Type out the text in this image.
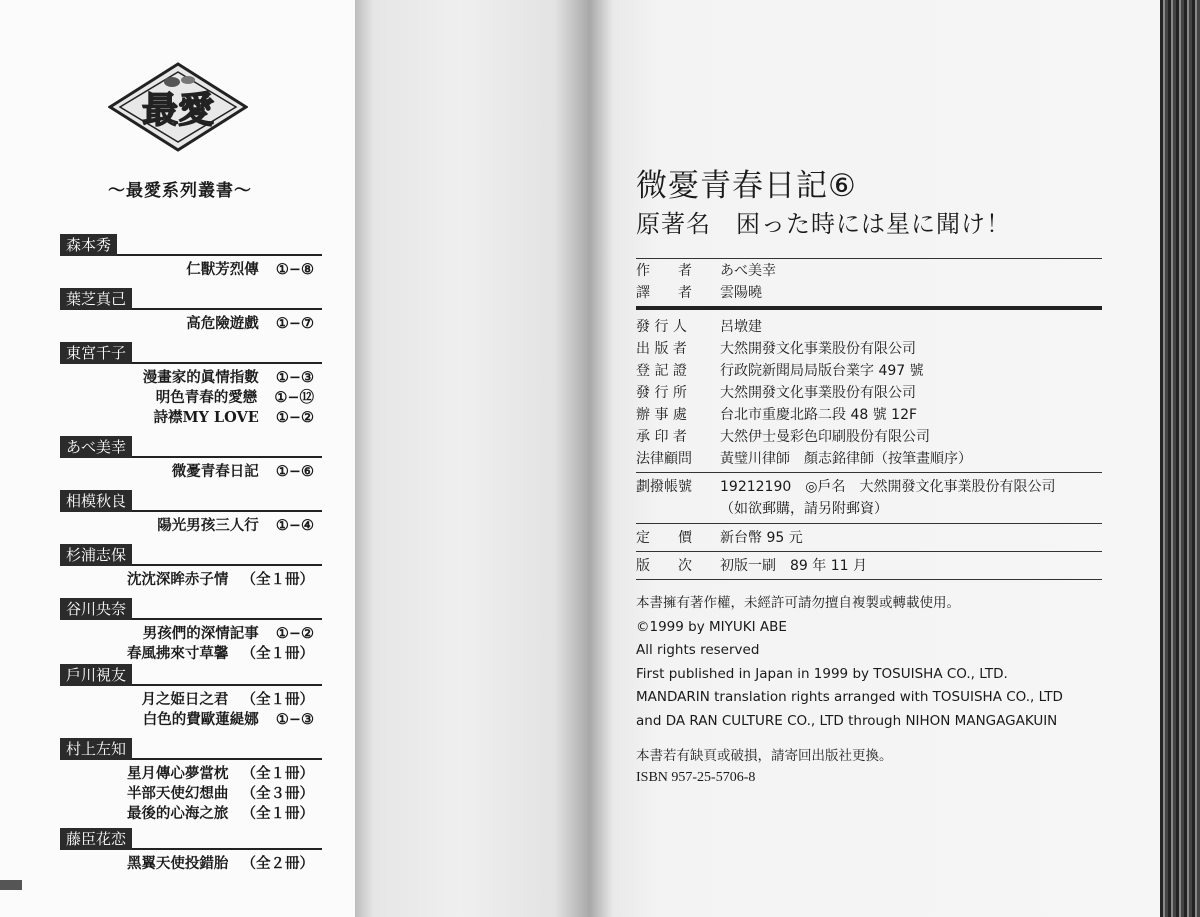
最愛
〜最愛系列叢書〜
森本秀
仁獸芳烈傳 ①−⑧
葉芝真己
高危險遊戲 ①−⑦
東宮千子
漫畫家的眞情指數 ①−③
明色青春的愛戀 ①−⑫
詩襟MY LOVE ①−②
あべ美幸
微憂青春日記 ①−⑥
相模秋良
陽光男孩三人行 ①−④
杉浦志保
沈沈深眸赤子情 （全１冊）
谷川央奈
男孩們的深情記事 ①−②
春風拂來寸草馨 （全１冊）
戶川視友
月之姫日之君 （全１冊）
白色的費歐蓮緹娜 ①−③
村上左知
星月傳心夢當枕 （全１冊）
半部天使幻想曲 （全３冊）
最後的心海之旅 （全１冊）
藤臣花恋
黑翼天使投錯胎 （全２冊）
微憂青春日記⑥
原著名　困った時には星に聞け！
作　　者	あべ美幸
譯　　者	雲陽曉
發 行 人	呂墩建
出 版 者	大然開發文化事業股份有限公司
登 記 證	行政院新聞局局版台業字 497 號
發 行 所	大然開發文化事業股份有限公司
辦 事 處	台北市重慶北路二段 48 號 12F
承 印 者	大然伊士曼彩色印刷股份有限公司
法律顧問	黃璧川律師　顏志銘律師（按筆畫順序）
劃撥帳號	19212190　◎戶名　大然開發文化事業股份有限公司
（如欲郵購，請另附郵資）
定　　價	新台幣 95 元
版　　次	初版一刷　89 年 11 月
本書擁有著作權，未經許可請勿擅自複製或轉載使用。
©1999 by MIYUKI ABE
All rights reserved
First published in Japan in 1999 by TOSUISHA CO., LTD.
MANDARIN translation rights arranged with TOSUISHA CO., LTD
and DA RAN CULTURE CO., LTD through NIHON MANGAGAKUIN
本書若有缺頁或破損，請寄回出版社更換。
ISBN 957-25-5706-8
